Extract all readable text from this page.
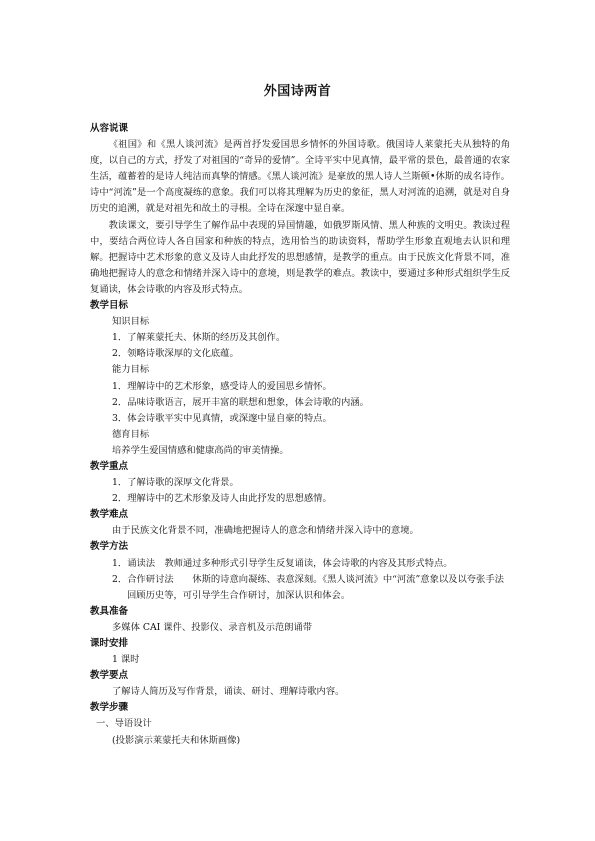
外国诗两首

从容说课

《祖国》和《黑人谈河流》是两首抒发爱国思乡情怀的外国诗歌。俄国诗人莱蒙托夫从独特的角度，以自己的方式，抒发了对祖国的“奇异的爱情”。全诗平实中见真情，最平常的景色，最普通的农家生活，蕴蓄着的是诗人纯洁而真挚的情感。《黑人谈河流》是豪放的黑人诗人兰斯顿•休斯的成名诗作。诗中“河流”是一个高度凝练的意象。我们可以将其理解为历史的象征，黑人对河流的追溯，就是对自身历史的追溯，就是对祖先和故土的寻根。全诗在深邃中显自豪。

教读课文，要引导学生了解作品中表现的异国情趣，如俄罗斯风情、黑人种族的文明史。教读过程中，要结合两位诗人各自国家和种族的特点，选用恰当的助读资料，帮助学生形象直观地去认识和理解。把握诗中艺术形象的意义及诗人由此抒发的思想感情，是教学的重点。由于民族文化背景不同，准确地把握诗人的意念和情绪并深入诗中的意境，则是教学的难点。教读中，要通过多种形式组织学生反复诵读，体会诗歌的内容及形式特点。

教学目标

知识目标

1．了解莱蒙托夫、休斯的经历及其创作。

2．领略诗歌深厚的文化底蕴。

能力目标

1．理解诗中的艺术形象，感受诗人的爱国思乡情怀。

2．品味诗歌语言，展开丰富的联想和想象，体会诗歌的内涵。

3．体会诗歌平实中见真情，或深邃中显自豪的特点。

德育目标

培养学生爱国情感和健康高尚的审美情操。

教学重点

1．了解诗歌的深厚文化背景。

2．理解诗中的艺术形象及诗人由此抒发的思想感情。

教学难点

由于民族文化背景不同，准确地把握诗人的意念和情绪并深入诗中的意境。

教学方法

1．诵读法　教师通过多种形式引导学生反复诵读，体会诗歌的内容及其形式特点。

2．合作研讨法　　休斯的诗意向凝练、表意深刻。《黑人谈河流》中“河流”意象以及以夸张手法回顾历史等，可引导学生合作研讨，加深认识和体会。

教具准备

多媒体 CAI 课件、投影仪、录音机及示范朗诵带

课时安排

1 课时

教学要点

了解诗人简历及写作背景，诵读、研讨、理解诗歌内容。

教学步骤

一、导语设计

(投影演示莱蒙托夫和休斯画像)
